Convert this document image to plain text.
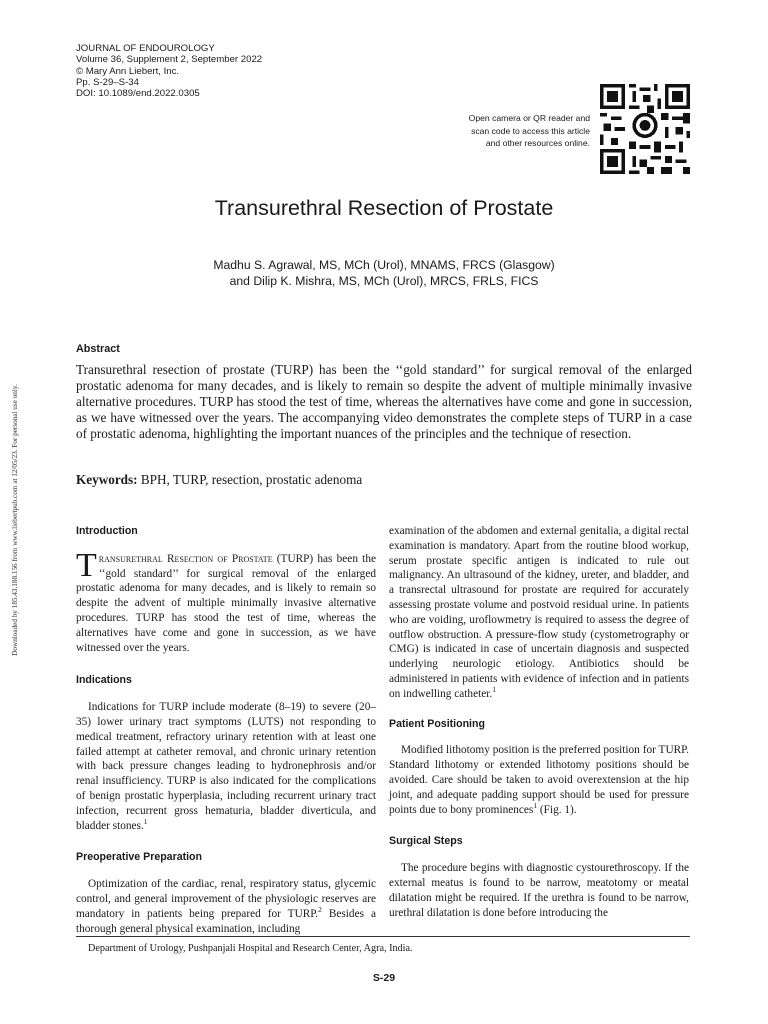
JOURNAL OF ENDOUROLOGY
Volume 36, Supplement 2, September 2022
© Mary Ann Liebert, Inc.
Pp. S-29–S-34
DOI: 10.1089/end.2022.0305
Open camera or QR reader and
scan code to access this article
and other resources online.
Downloaded by 185.43.188.156 from www.liebertpub.com at 12/05/23. For personal use only.
Transurethral Resection of Prostate
Madhu S. Agrawal, MS, MCh (Urol), MNAMS, FRCS (Glasgow)
and Dilip K. Mishra, MS, MCh (Urol), MRCS, FRLS, FICS
Abstract
Transurethral resection of prostate (TURP) has been the ‘‘gold standard’’ for surgical removal of the enlarged prostatic adenoma for many decades, and is likely to remain so despite the advent of multiple minimally invasive alternative procedures. TURP has stood the test of time, whereas the alternatives have come and gone in succession, as we have witnessed over the years. The accompanying video demonstrates the complete steps of TURP in a case of prostatic adenoma, highlighting the important nuances of the principles and the technique of resection.
Keywords: BPH, TURP, resection, prostatic adenoma
Introduction

Transurethral Resection of Prostate (TURP) has been the ‘‘gold standard’’ for surgical removal of the enlarged prostatic adenoma for many decades, and is likely to remain so despite the advent of multiple minimally invasive alternative procedures. TURP has stood the test of time, whereas the alternatives have come and gone in succession, as we have witnessed over the years.

Indications

Indications for TURP include moderate (8–19) to severe (20–35) lower urinary tract symptoms (LUTS) not responding to medical treatment, refractory urinary retention with at least one failed attempt at catheter removal, and chronic urinary retention with back pressure changes leading to hydronephrosis and/or renal insufficiency. TURP is also indicated for the complications of benign prostatic hyperplasia, including recurrent urinary tract infection, recurrent gross hematuria, bladder diverticula, and bladder stones.$^1$

Preoperative Preparation

Optimization of the cardiac, renal, respiratory status, glycemic control, and general improvement of the physiologic reserves are mandatory in patients being prepared for TURP.$^2$ Besides a thorough general physical examination, including

examination of the abdomen and external genitalia, a digital rectal examination is mandatory. Apart from the routine blood workup, serum prostate specific antigen is indicated to rule out malignancy. An ultrasound of the kidney, ureter, and bladder, and a transrectal ultrasound for prostate are required for accurately assessing prostate volume and postvoid residual urine. In patients who are voiding, uroflowmetry is required to assess the degree of outflow obstruction. A pressure-flow study (cystometrography or CMG) is indicated in case of uncertain diagnosis and suspected underlying neurologic etiology. Antibiotics should be administered in patients with evidence of infection and in patients on indwelling catheter.$^1$

Patient Positioning

Modified lithotomy position is the preferred position for TURP. Standard lithotomy or extended lithotomy positions should be avoided. Care should be taken to avoid overextension at the hip joint, and adequate padding support should be used for pressure points due to bony prominences$^1$ (Fig. 1).

Surgical Steps

The procedure begins with diagnostic cystourethroscopy. If the external meatus is found to be narrow, meatotomy or meatal dilatation might be required. If the urethra is found to be narrow, urethral dilatation is done before introducing the

Department of Urology, Pushpanjali Hospital and Research Center, Agra, India.
S-29
